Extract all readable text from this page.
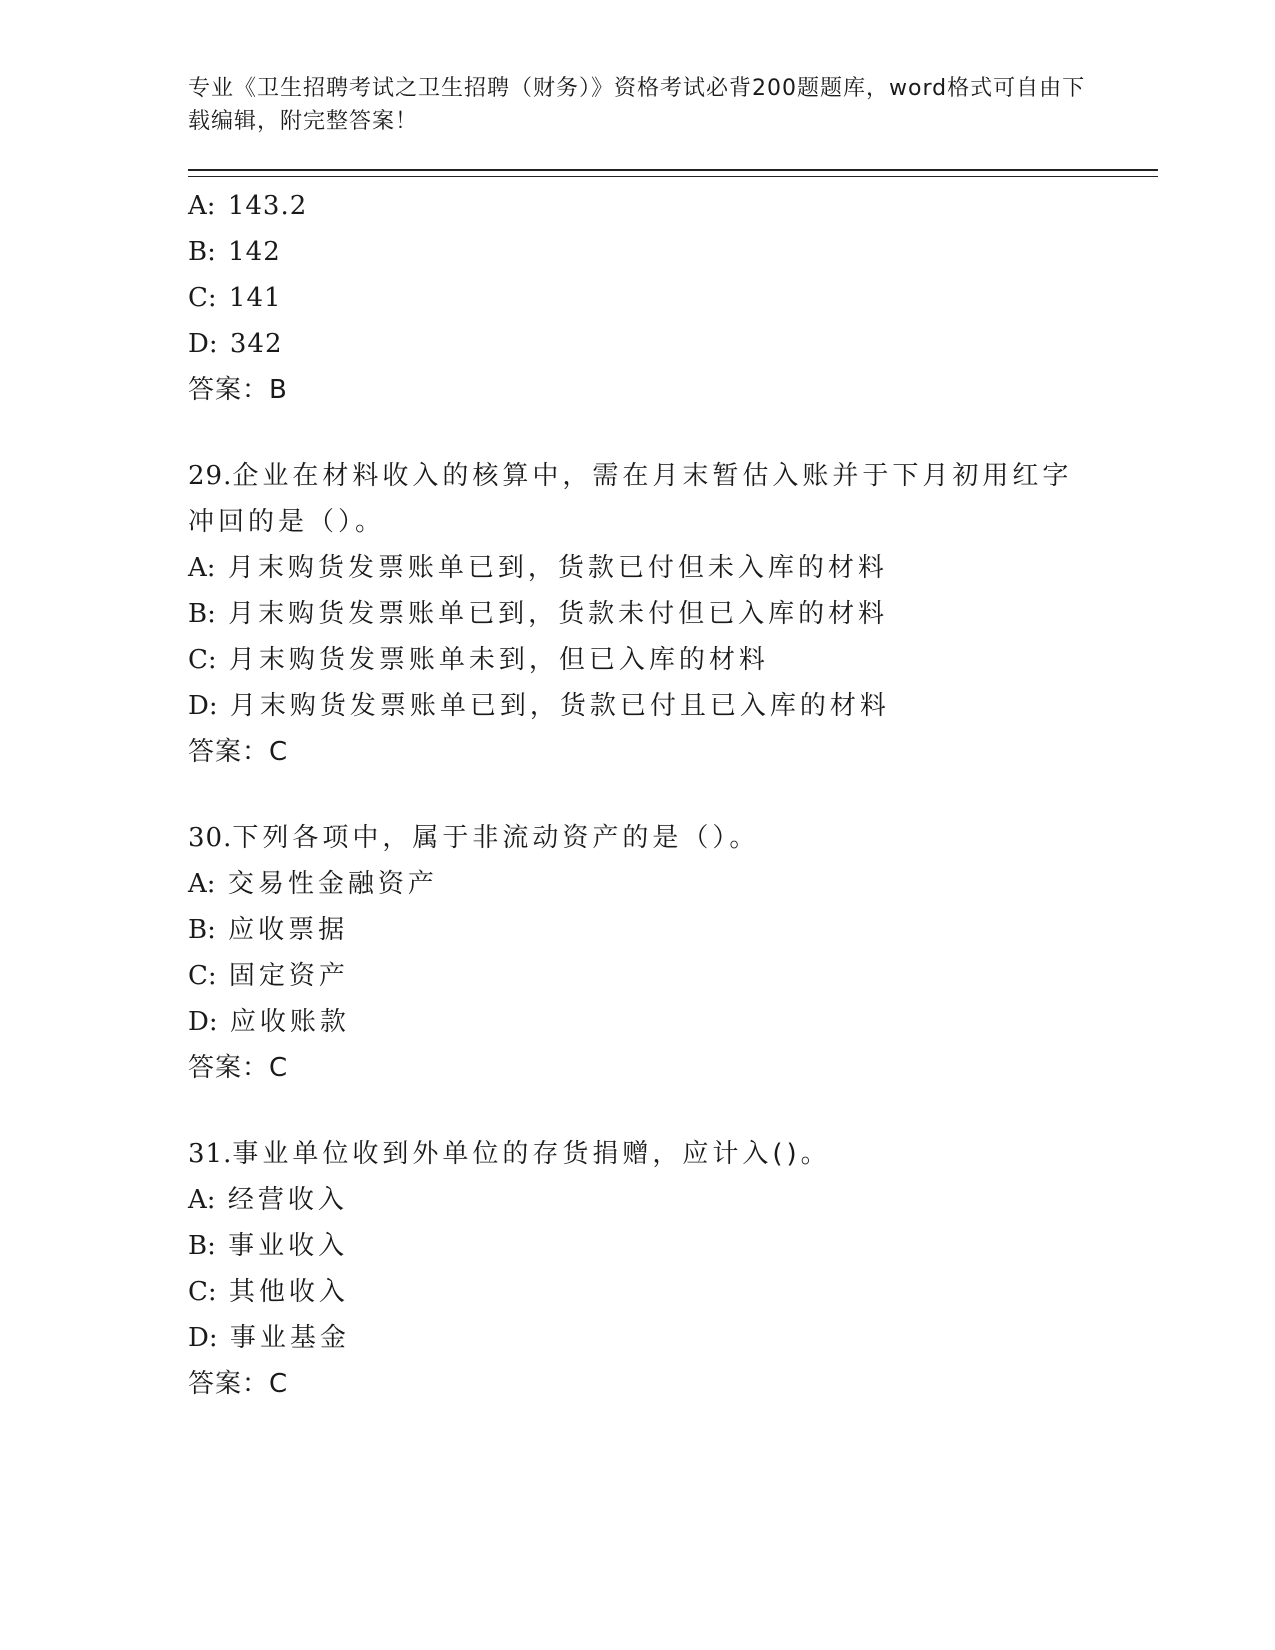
专业《卫生招聘考试之卫生招聘（财务）》资格考试必背200题题库，word格式可自由下载编辑，附完整答案！
A: 143.2
B: 142
C: 141
D: 342
答案：B
29.企业在材料收入的核算中，需在月末暂估入账并于下月初用红字冲回的是（）。
A: 月末购货发票账单已到，货款已付但未入库的材料
B: 月末购货发票账单已到，货款未付但已入库的材料
C: 月末购货发票账单未到，但已入库的材料
D: 月末购货发票账单已到，货款已付且已入库的材料
答案：C
30.下列各项中，属于非流动资产的是（）。
A: 交易性金融资产
B: 应收票据
C: 固定资产
D: 应收账款
答案：C
31.事业单位收到外单位的存货捐赠，应计入()。
A: 经营收入
B: 事业收入
C: 其他收入
D: 事业基金
答案：C
